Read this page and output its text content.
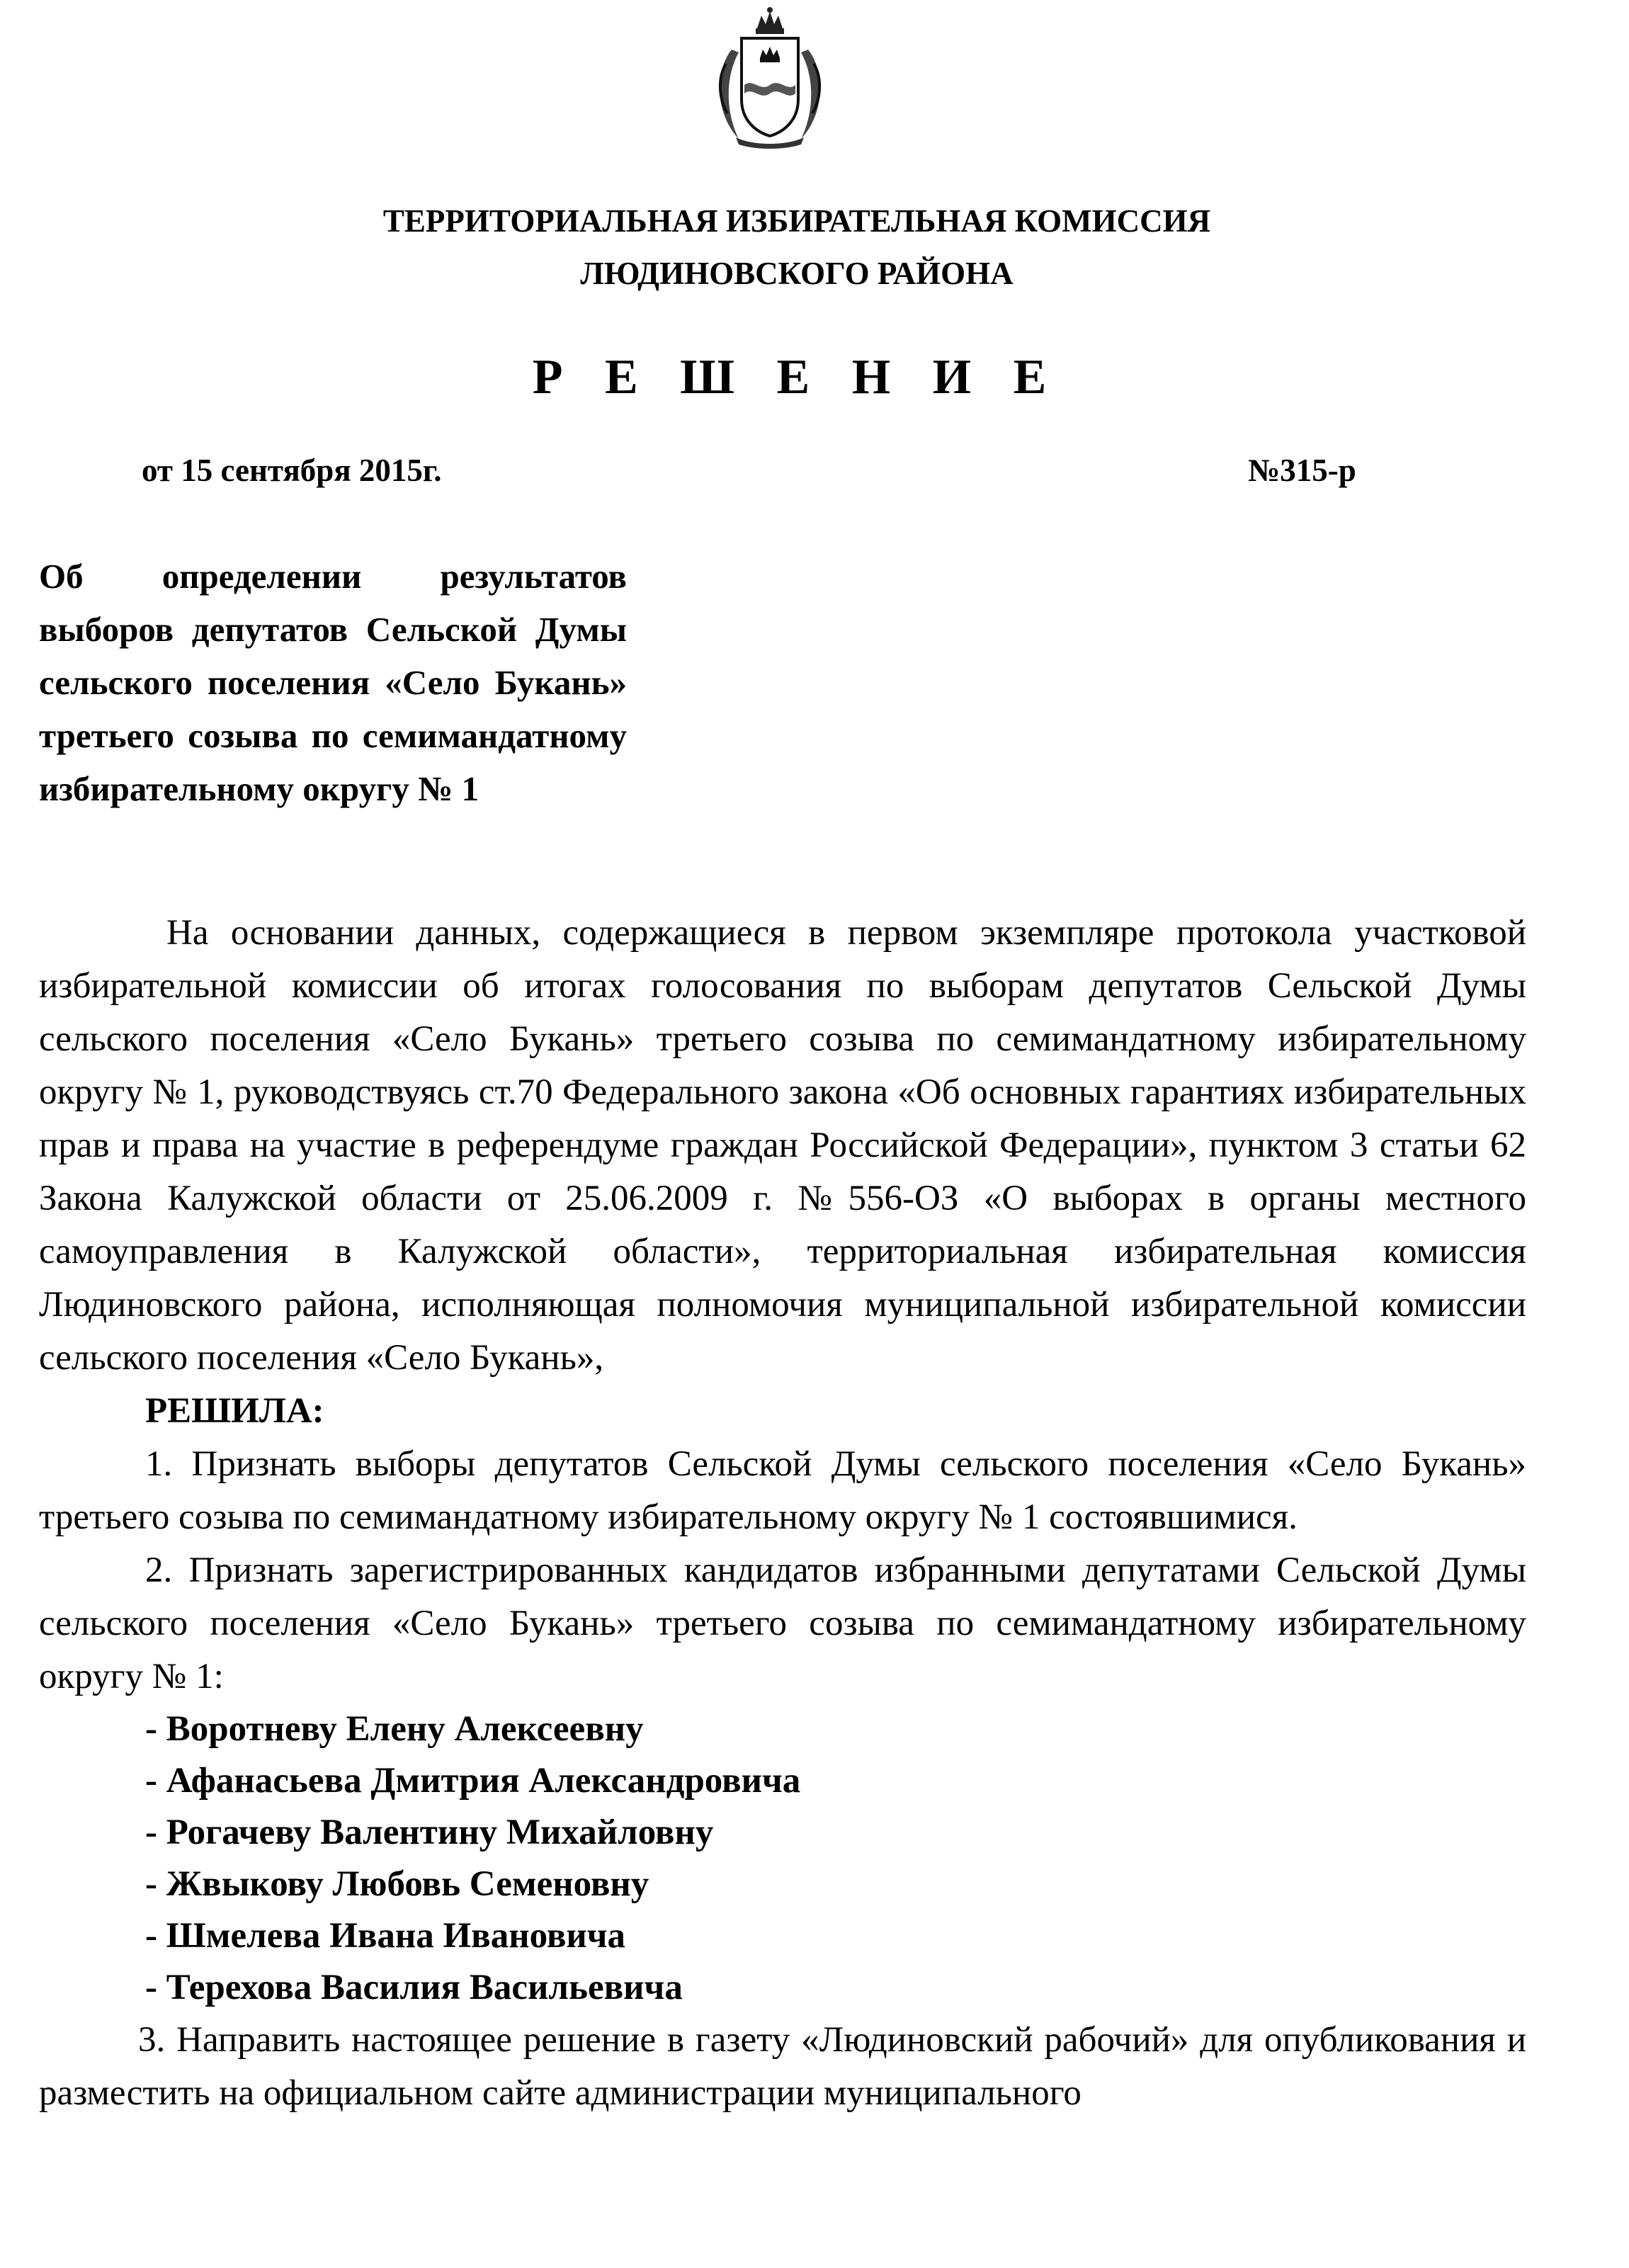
ТЕРРИТОРИАЛЬНАЯ ИЗБИРАТЕЛЬНАЯ КОМИССИЯ
ЛЮДИНОВСКОГО РАЙОНА
Р Е Ш Е Н И Е
от 15 сентября 2015г.	№315-р
Об определении результатов выборов депутатов Сельской Думы сельского поселения «Село Букань» третьего созыва по семимандатному избирательному округу № 1

На основании данных, содержащиеся в первом экземпляре протокола участковой избирательной комиссии об итогах голосования по выборам депутатов Сельской Думы сельского поселения «Село Букань» третьего созыва по семимандатному избирательному округу № 1, руководствуясь ст.70 Федерального закона «Об основных гарантиях избирательных прав и права на участие в референдуме граждан Российской Федерации», пунктом 3 статьи 62 Закона Калужской области от 25.06.2009 г. №556-ОЗ «О выборах в органы местного самоуправления в Калужской области», территориальная избирательная комиссия Людиновского района, исполняющая полномочия муниципальной избирательной комиссии сельского поселения «Село Букань»,

РЕШИЛА:

1. Признать выборы депутатов Сельской Думы сельского поселения «Село Букань» третьего созыва по семимандатному избирательному округу № 1 состоявшимися.

2. Признать зарегистрированных кандидатов избранными депутатами Сельской Думы сельского поселения «Село Букань» третьего созыва по семимандатному избирательному округу № 1:

- Воротневу Елену Алексеевну
- Афанасьева Дмитрия Александровича
- Рогачеву Валентину Михайловну
- Жвыкову Любовь Семеновну
- Шмелева Ивана Ивановича
- Терехова Василия Васильевича

3. Направить настоящее решение в газету «Людиновский рабочий» для опубликования и разместить на официальном сайте администрации муниципального
